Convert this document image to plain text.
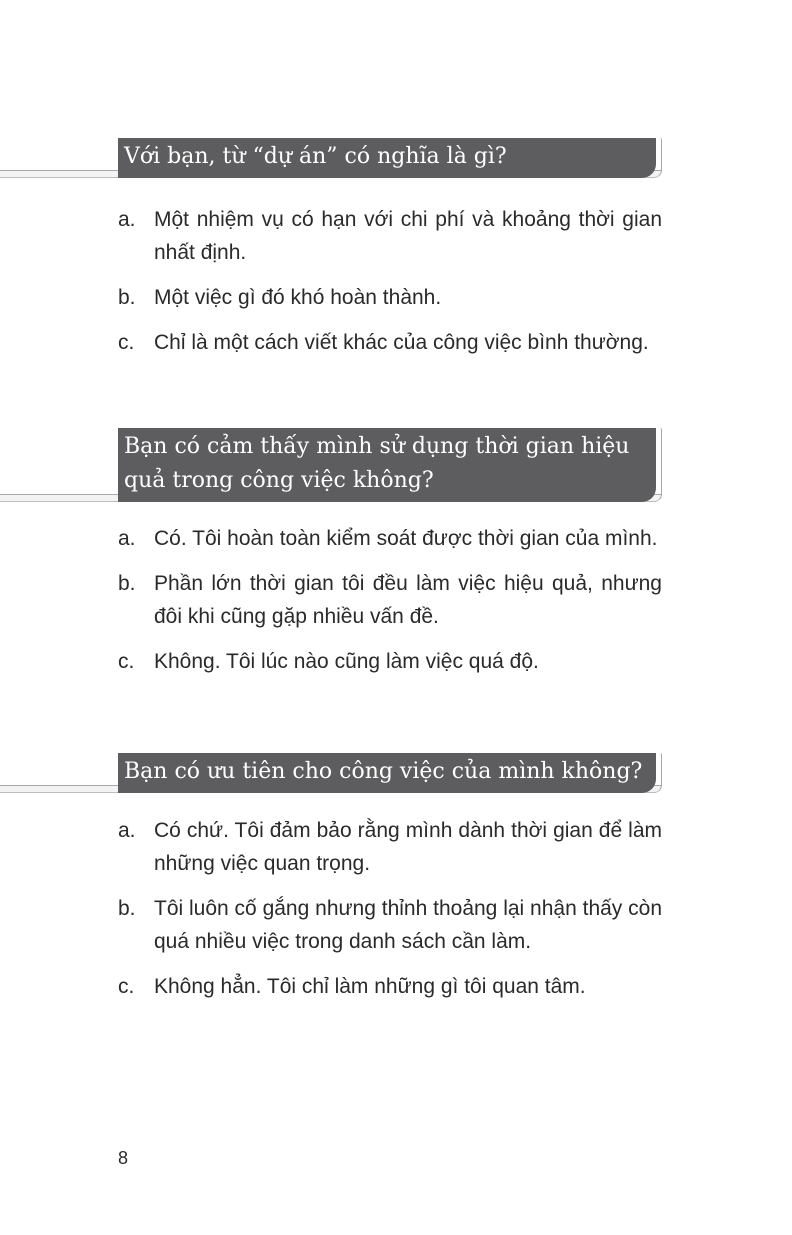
Với bạn, từ “dự án” có nghĩa là gì?
a. Một nhiệm vụ có hạn với chi phí và khoảng thời gian nhất định.
b. Một việc gì đó khó hoàn thành.
c. Chỉ là một cách viết khác của công việc bình thường.
Bạn có cảm thấy mình sử dụng thời gian hiệu quả trong công việc không?
a. Có. Tôi hoàn toàn kiểm soát được thời gian của mình.
b. Phần lớn thời gian tôi đều làm việc hiệu quả, nhưng đôi khi cũng gặp nhiều vấn đề.
c. Không. Tôi lúc nào cũng làm việc quá độ.
Bạn có ưu tiên cho công việc của mình không?
a. Có chứ. Tôi đảm bảo rằng mình dành thời gian để làm những việc quan trọng.
b. Tôi luôn cố gắng nhưng thỉnh thoảng lại nhận thấy còn quá nhiều việc trong danh sách cần làm.
c. Không hẳn. Tôi chỉ làm những gì tôi quan tâm.
8
